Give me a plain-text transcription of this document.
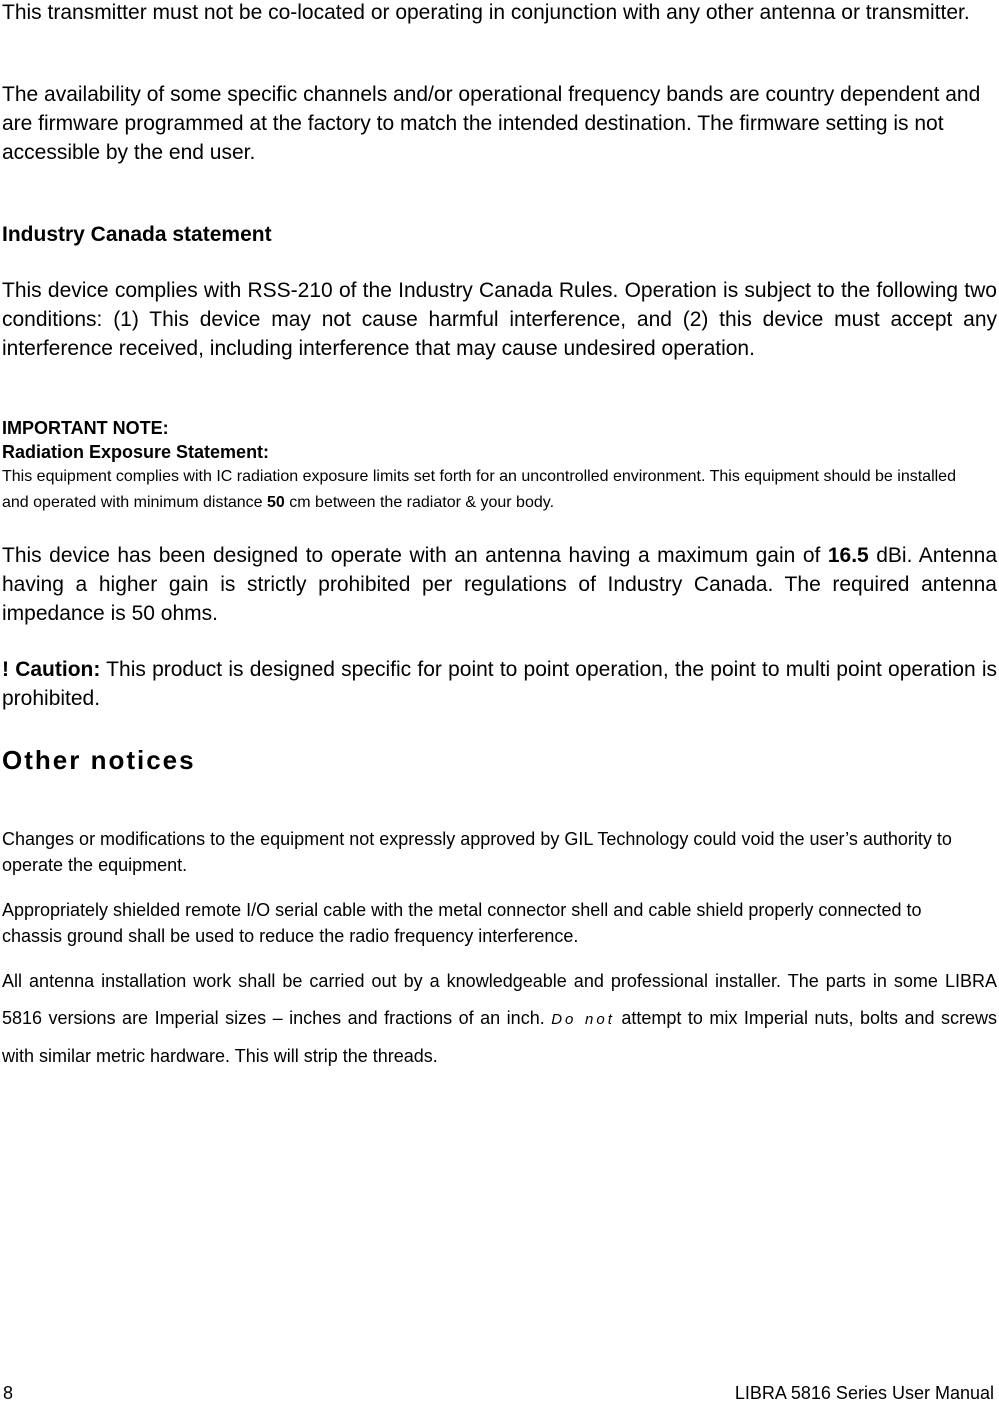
This transmitter must not be co-located or operating in conjunction with any other antenna or transmitter.

The availability of some specific channels and/or operational frequency bands are country dependent and are firmware programmed at the factory to match the intended destination. The firmware setting is not accessible by the end user.

Industry Canada statement

This device complies with RSS-210 of the Industry Canada Rules. Operation is subject to the following two conditions: (1) This device may not cause harmful interference, and (2) this device must accept any interference received, including interference that may cause undesired operation.

IMPORTANT NOTE:
Radiation Exposure Statement:

This equipment complies with IC radiation exposure limits set forth for an uncontrolled environment. This equipment should be installed and operated with minimum distance 50 cm between the radiator & your body.

This device has been designed to operate with an antenna having a maximum gain of 16.5 dBi. Antenna having a higher gain is strictly prohibited per regulations of Industry Canada. The required antenna impedance is 50 ohms.

! Caution: This product is designed specific for point to point operation, the point to multi point operation is prohibited.

Other notices

Changes or modifications to the equipment not expressly approved by GIL Technology could void the user’s authority to operate the equipment.

Appropriately shielded remote I/O serial cable with the metal connector shell and cable shield properly connected to chassis ground shall be used to reduce the radio frequency interference.

All antenna installation work shall be carried out by a knowledgeable and professional installer. The parts in some LIBRA 5816 versions are Imperial sizes – inches and fractions of an inch. Do not attempt to mix Imperial nuts, bolts and screws with similar metric hardware. This will strip the threads.

8	LIBRA 5816 Series User Manual
